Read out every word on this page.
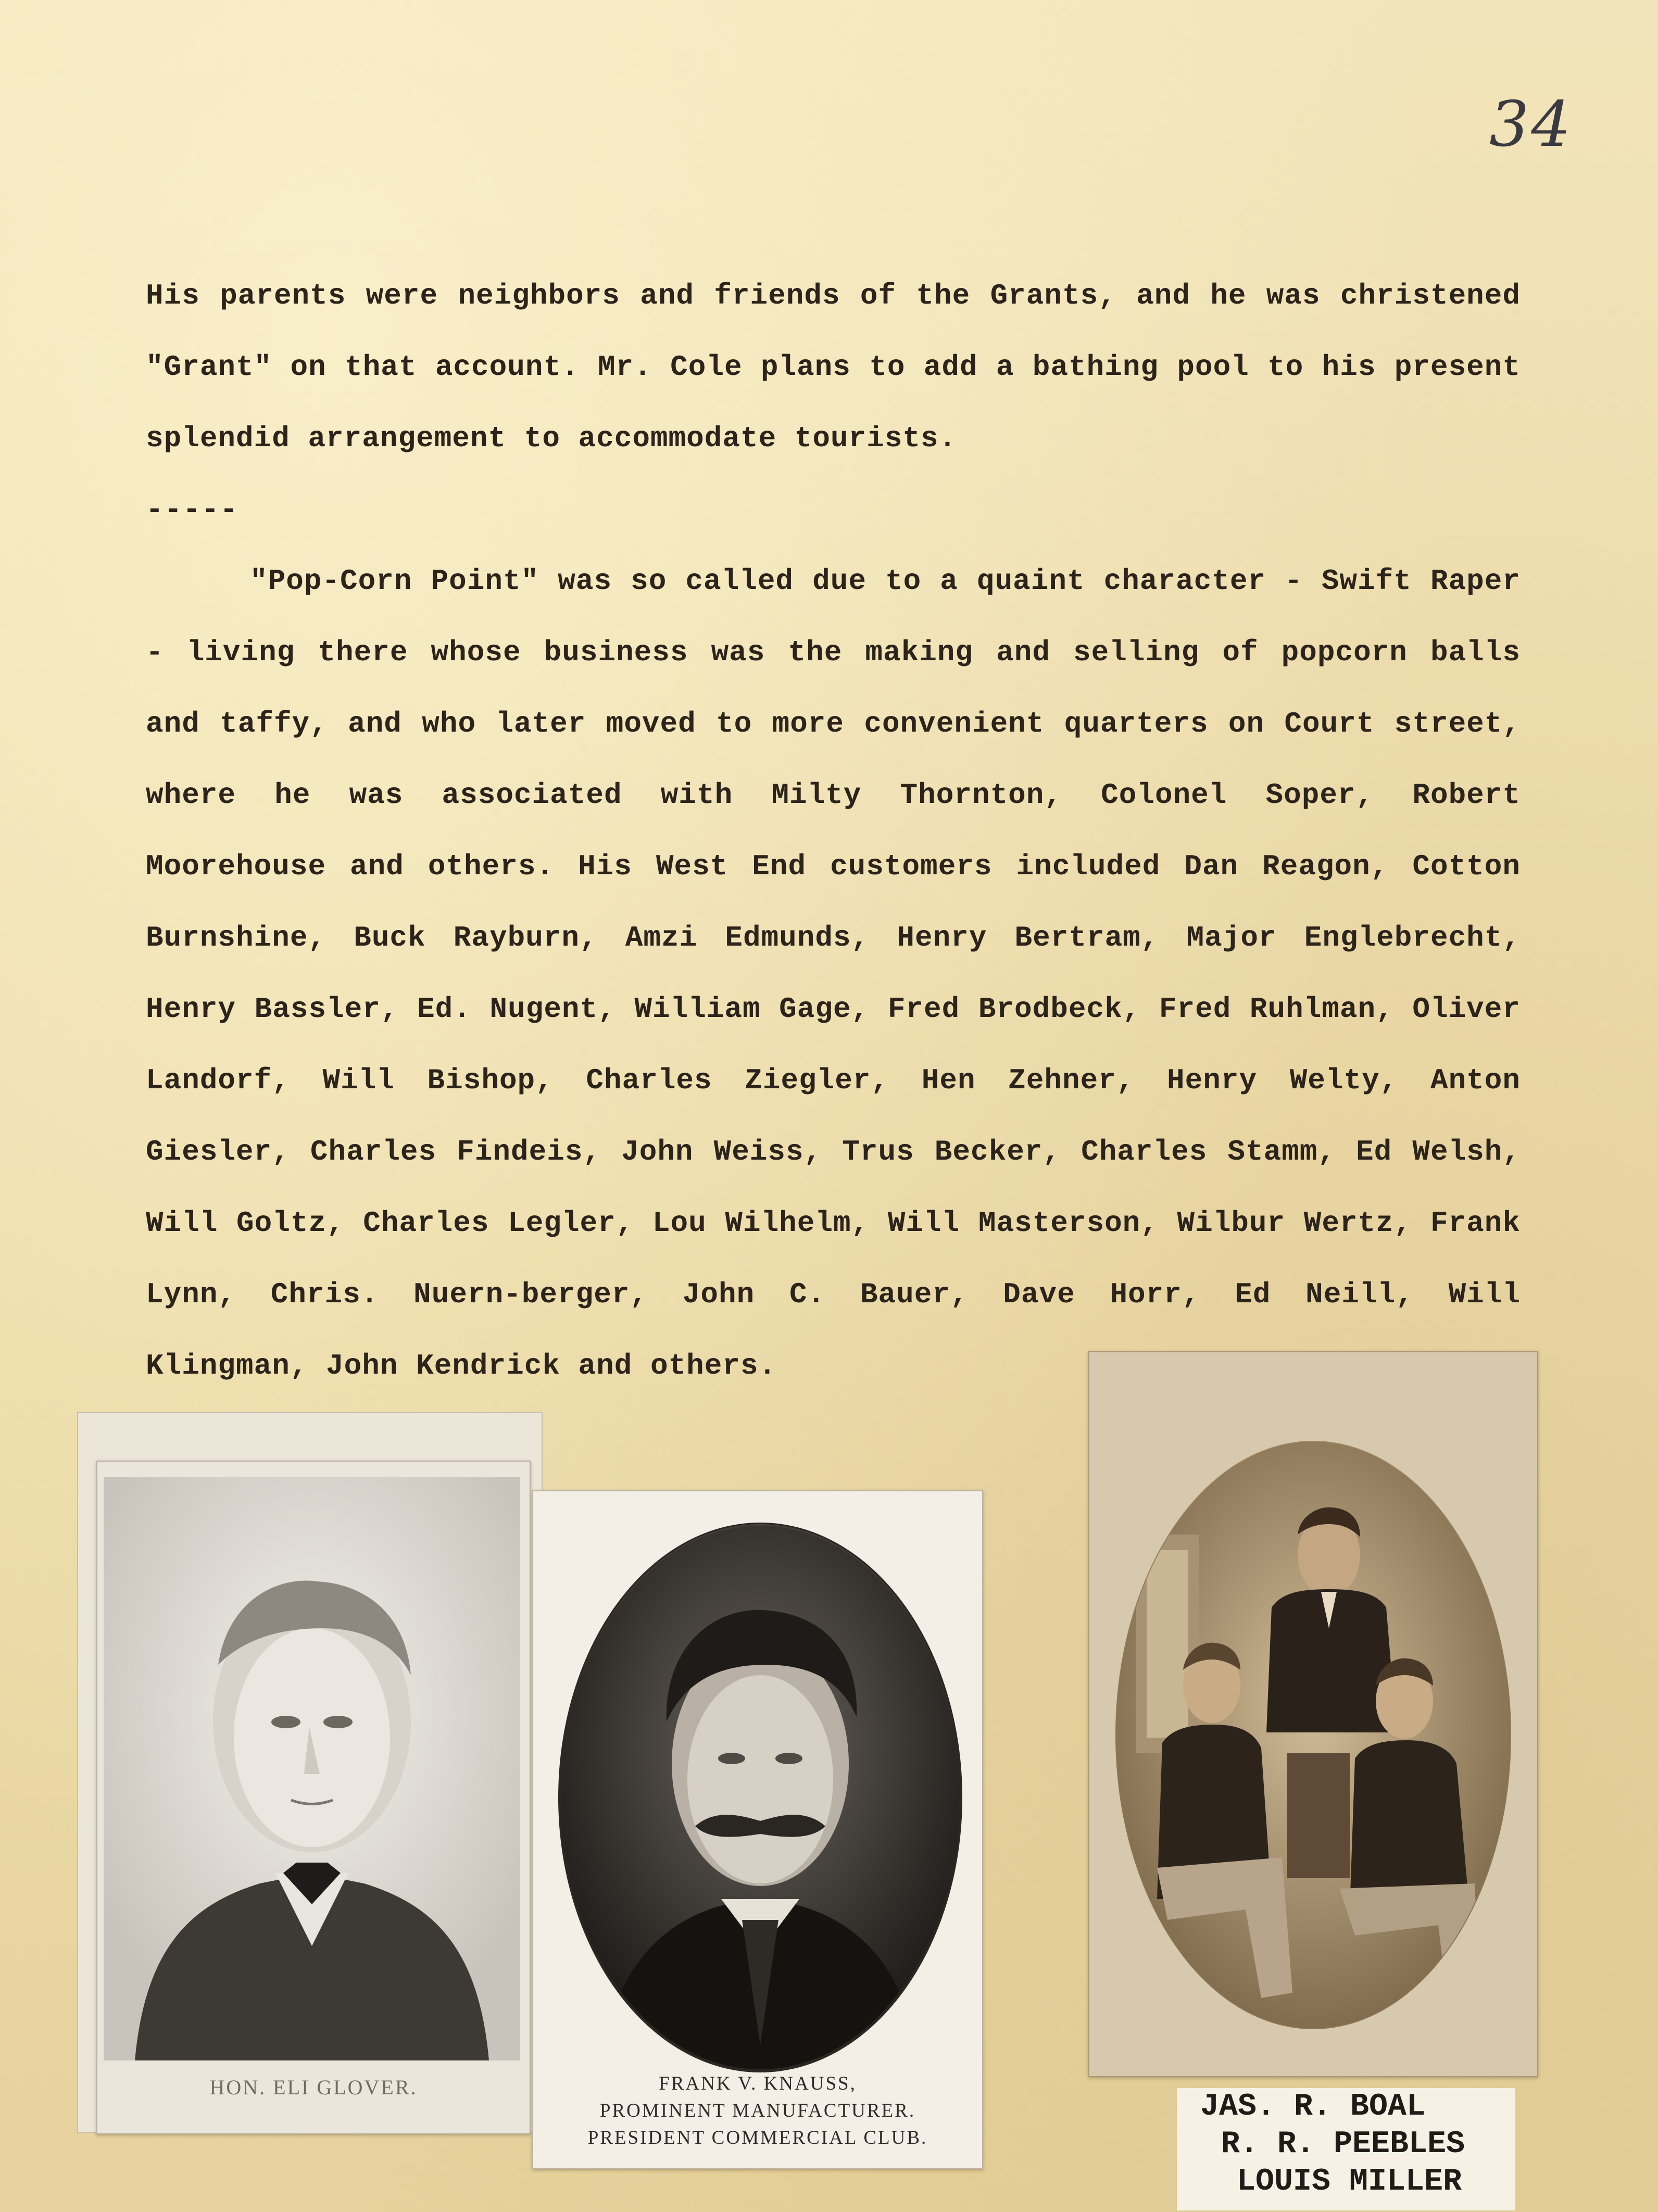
34

His parents were neighbors and friends of the Grants, and he was christened "Grant" on that account. Mr. Cole plans to add a bathing pool to his present splendid arrangement to accommodate tourists.

-----

"Pop-Corn Point" was so called due to a quaint character - Swift Raper - living there whose business was the making and selling of popcorn balls and taffy, and who later moved to more convenient quarters on Court street, where he was associated with Milty Thornton, Colonel Soper, Robert Moorehouse and others. His West End customers included Dan Reagon, Cotton Burnshine, Buck Rayburn, Amzi Edmunds, Henry Bertram, Major Englebrecht, Henry Bassler, Ed. Nugent, William Gage, Fred Brodbeck, Fred Ruhlman, Oliver Landorf, Will Bishop, Charles Ziegler, Hen Zehner, Henry Welty, Anton Giesler, Charles Findeis, John Weiss, Trus Becker, Charles Stamm, Ed Welsh, Will Goltz, Charles Legler, Lou Wilhelm, Will Masterson, Wilbur Wertz, Frank Lynn, Chris. Nuern-berger, John C. Bauer, Dave Horr, Ed Neill, Will Klingman, John Kendrick and others.

HON. ELI GLOVER.	FRANK V. KNAUSS,
PROMINENT MANUFACTURER.
PRESIDENT COMMERCIAL CLUB.
JAS. R. BOAL
R. R. PEEBLES
LOUIS MILLER
